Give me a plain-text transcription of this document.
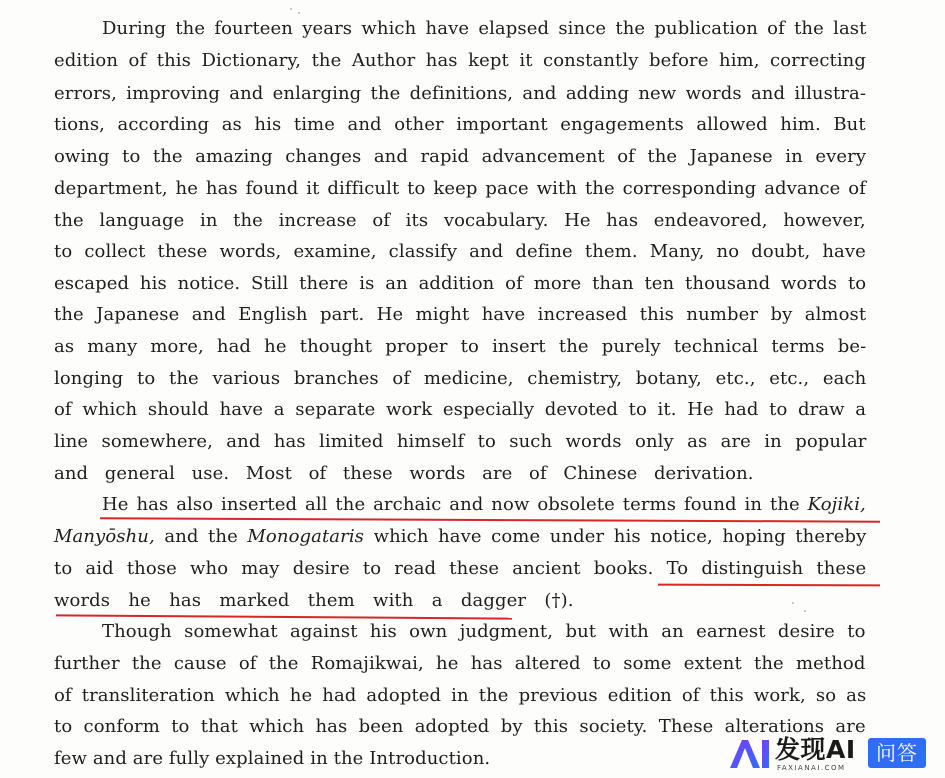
During the fourteen years which have elapsed since the publication of the last
edition of this Dictionary, the Author has kept it constantly before him, correcting
errors, improving and enlarging the definitions, and adding new words and illustra-
tions, according as his time and other important engagements allowed him. But
owing to the amazing changes and rapid advancement of the Japanese in every
department, he has found it difficult to keep pace with the corresponding advance of
the language in the increase of its vocabulary. He has endeavored, however,
to collect these words, examine, classify and define them. Many, no doubt, have
escaped his notice. Still there is an addition of more than ten thousand words to
the Japanese and English part. He might have increased this number by almost
as many more, had he thought proper to insert the purely technical terms be-
longing to the various branches of medicine, chemistry, botany, etc., etc., each
of which should have a separate work especially devoted to it. He had to draw a
line somewhere, and has limited himself to such words only as are in popular
and general use. Most of these words are of Chinese derivation.
He has also inserted all the archaic and now obsolete terms found in the Kojiki,
Manyōshu, and the Monogataris which have come under his notice, hoping thereby
to aid those who may desire to read these ancient books. To distinguish these
words he has marked them with a dagger (†).
Though somewhat against his own judgment, but with an earnest desire to
further the cause of the Romajikwai, he has altered to some extent the method
of transliteration which he had adopted in the previous edition of this work, so as
to conform to that which has been adopted by this society. These alterations are
few and are fully explained in the Introduction.	发现AI
FAXIANAI.COM
问答
